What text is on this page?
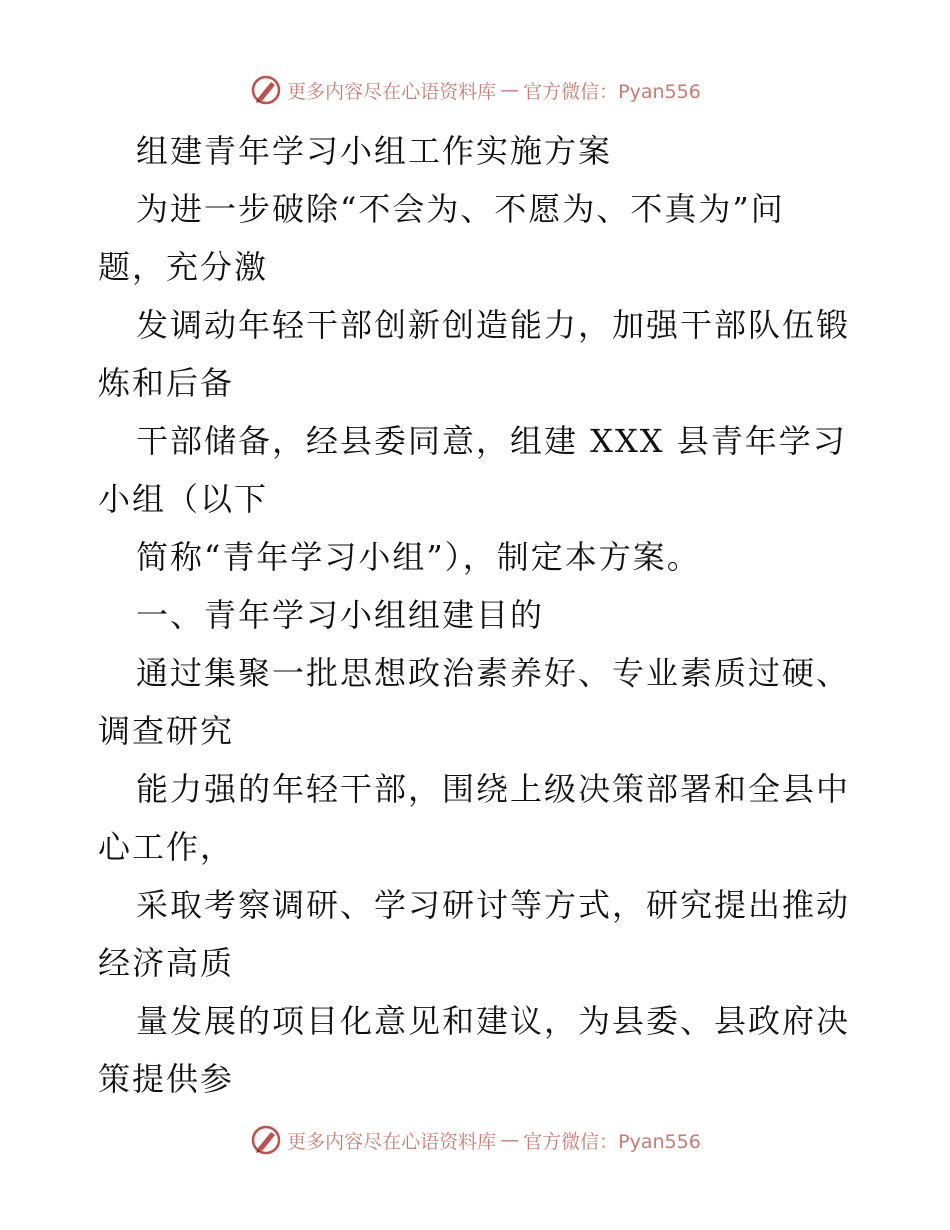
更多内容尽在心语资料库 — 官方微信：Pyan556
组建青年学习小组工作实施方案
为进一步破除“不会为、不愿为、不真为”问
题，充分激
发调动年轻干部创新创造能力，加强干部队伍锻
炼和后备
干部储备，经县委同意，组建 XXX 县青年学习
小组（以下
简称“青年学习小组”），制定本方案。
一、青年学习小组组建目的
通过集聚一批思想政治素养好、专业素质过硬、
调查研究
能力强的年轻干部，围绕上级决策部署和全县中
心工作，
采取考察调研、学习研讨等方式，研究提出推动
经济高质
量发展的项目化意见和建议，为县委、县政府决
策提供参
更多内容尽在心语资料库 — 官方微信：Pyan556
